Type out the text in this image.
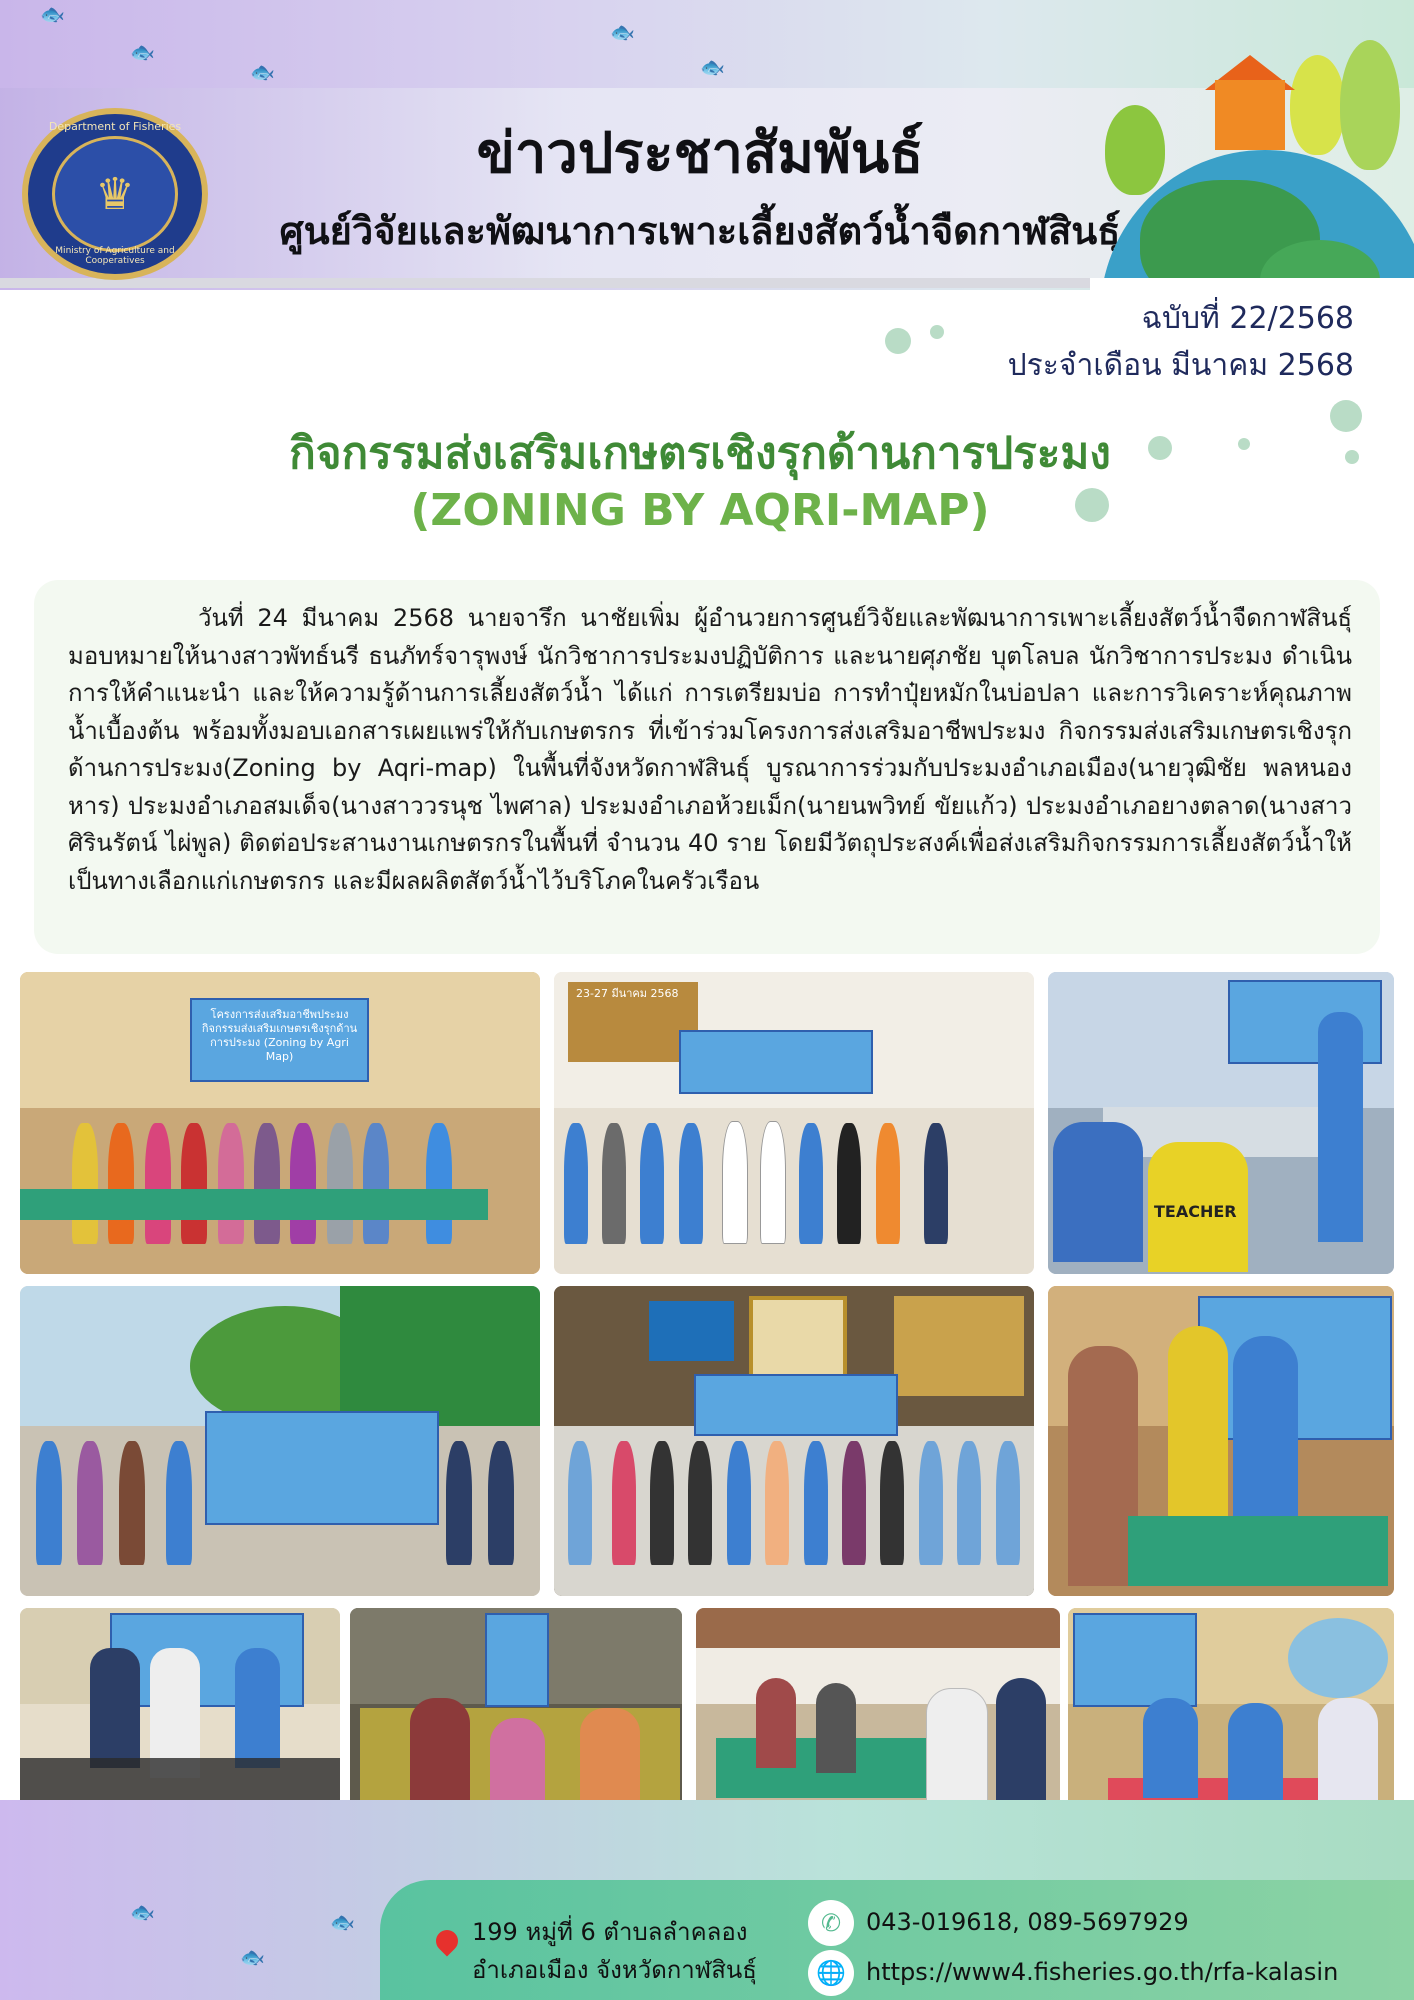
🐟
🐟
🐟
🐟
🐟
Department of Fisheries
♛
Ministry of Agriculture and Cooperatives
ข่าวประชาสัมพันธ์
ศูนย์วิจัยและพัฒนาการเพาะเลี้ยงสัตว์น้ำจืดกาฬสินธุ์
ฉบับที่ 22/2568
ประจำเดือน มีนาคม 2568
กิจกรรมส่งเสริมเกษตรเชิงรุกด้านการประมง
(ZONING BY AQRI-MAP)

วันที่ 24 มีนาคม 2568 นายจารึก นาชัยเพิ่ม ผู้อำนวยการศูนย์วิจัยและพัฒนาการเพาะเลี้ยงสัตว์น้ำจืดกาฬสินธุ์ มอบหมายให้นางสาวพัทธ์นรี ธนภัทร์จารุพงษ์ นักวิชาการประมงปฏิบัติการ และนายศุภชัย บุตโลบล นักวิชาการประมง ดำเนินการให้คำแนะนำ และให้ความรู้ด้านการเลี้ยงสัตว์น้ำ ได้แก่ การเตรียมบ่อ การทำปุ๋ยหมักในบ่อปลา และการวิเคราะห์คุณภาพน้ำเบื้องต้น พร้อมทั้งมอบเอกสารเผยแพร่ให้กับเกษตรกร ที่เข้าร่วมโครงการส่งเสริมอาชีพประมง กิจกรรมส่งเสริมเกษตรเชิงรุกด้านการประมง(Zoning by Aqri-map) ในพื้นที่จังหวัดกาฬสินธุ์ บูรณาการร่วมกับประมงอำเภอเมือง(นายวุฒิชัย พลหนองหาร) ประมงอำเภอสมเด็จ(นางสาววรนุช ไพศาล) ประมงอำเภอห้วยเม็ก(นายนพวิทย์ ขัยแก้ว) ประมงอำเภอยางตลาด(นางสาวศิรินรัตน์ ไผ่พูล) ติดต่อประสานงานเกษตรกรในพื้นที่ จำนวน 40 ราย โดยมีวัตถุประสงค์เพื่อส่งเสริมกิจกรรมการเลี้ยงสัตว์น้ำให้เป็นทางเลือกแก่เกษตรกร และมีผลผลิตสัตว์น้ำไว้บริโภคในครัวเรือน

โครงการส่งเสริมอาชีพประมง กิจกรรมส่งเสริมเกษตรเชิงรุกด้านการประมง (Zoning by Agri Map)
23-27 มีนาคม 2568

TEACHER

🐟
🐟
🐟	199 หมู่ที่ 6 ตำบลลำคลอง
อำเภอเมือง จังหวัดกาฬสินธุ์
✆	043-019618, 089-5697929
🌐 https://www4.fisheries.go.th/rfa-kalasin
